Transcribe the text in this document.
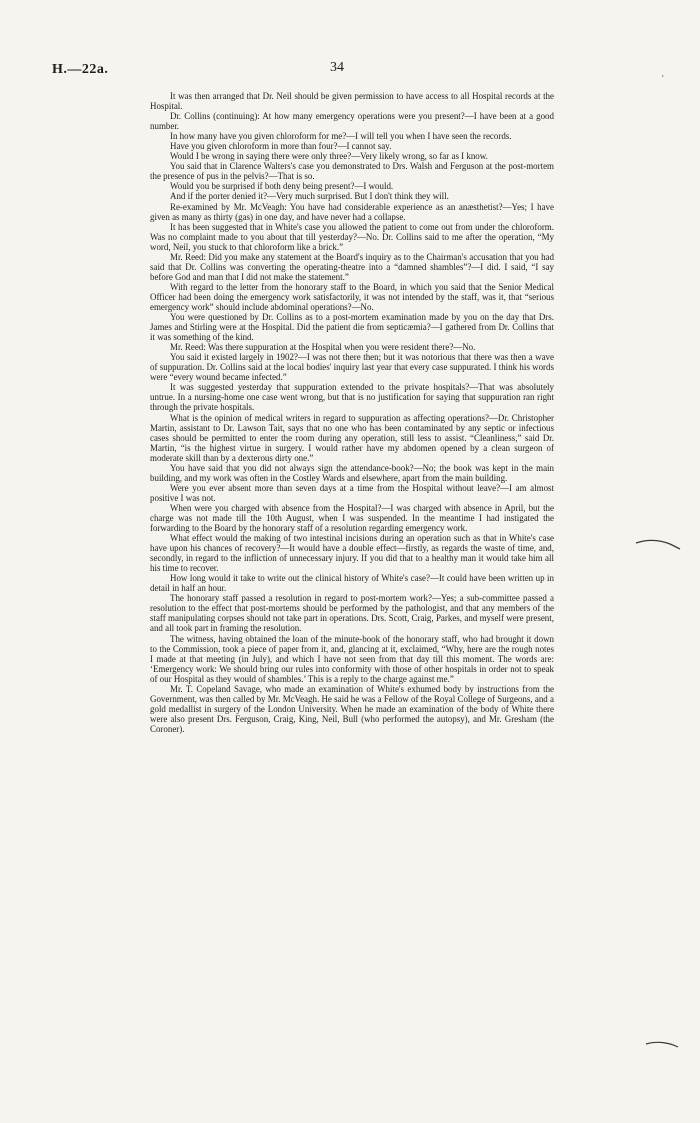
H.—22a.	34
ʹ

It was then arranged that Dr. Neil should be given permission to have access to all Hospital records at the Hospital.

Dr. Collins (continuing): At how many emergency operations were you present?—I have been at a good number.

In how many have you given chloroform for me?—I will tell you when I have seen the records.

Have you given chloroform in more than four?—I cannot say.

Would I be wrong in saying there were only three?—Very likely wrong, so far as I know.

You said that in Clarence Walters's case you demonstrated to Drs. Walsh and Ferguson at the post-mortem the presence of pus in the pelvis?—That is so.

Would you be surprised if both deny being present?—I would.

And if the porter denied it?—Very much surprised. But I don't think they will.

Re-examined by Mr. McVeagh: You have had considerable experience as an anæsthetist?—Yes; I have given as many as thirty (gas) in one day, and have never had a collapse.

It has been suggested that in White's case you allowed the patient to come out from under the chloroform. Was no complaint made to you about that till yesterday?—No. Dr. Collins said to me after the operation, “My word, Neil, you stuck to that chloroform like a brick.”

Mr. Reed: Did you make any statement at the Board's inquiry as to the Chairman's accusation that you had said that Dr. Collins was converting the operating-theatre into a “damned shambles”?—I did. I said, “I say before God and man that I did not make the statement.”

With regard to the letter from the honorary staff to the Board, in which you said that the Senior Medical Officer had been doing the emergency work satisfactorily, it was not intended by the staff, was it, that “serious emergency work” should include abdominal operations?—No.

You were questioned by Dr. Collins as to a post-mortem examination made by you on the day that Drs. James and Stirling were at the Hospital. Did the patient die from septicæmia?—I gathered from Dr. Collins that it was something of the kind.

Mr. Reed: Was there suppuration at the Hospital when you were resident there?—No.

You said it existed largely in 1902?—I was not there then; but it was notorious that there was then a wave of suppuration. Dr. Collins said at the local bodies' inquiry last year that every case suppurated. I think his words were “every wound became infected.”

It was suggested yesterday that suppuration extended to the private hospitals?—That was absolutely untrue. In a nursing-home one case went wrong, but that is no justification for saying that suppuration ran right through the private hospitals.

What is the opinion of medical writers in regard to suppuration as affecting operations?—Dr. Christopher Martin, assistant to Dr. Lawson Tait, says that no one who has been contaminated by any septic or infectious cases should be permitted to enter the room during any operation, still less to assist. “Cleanliness,” said Dr. Martin, “is the highest virtue in surgery. I would rather have my abdomen opened by a clean surgeon of moderate skill than by a dexterous dirty one.”

You have said that you did not always sign the attendance-book?—No; the book was kept in the main building, and my work was often in the Costley Wards and elsewhere, apart from the main building.

Were you ever absent more than seven days at a time from the Hospital without leave?—I am almost positive I was not.

When were you charged with absence from the Hospital?—I was charged with absence in April, but the charge was not made till the 10th August, when I was suspended. In the meantime I had instigated the forwarding to the Board by the honorary staff of a resolution regarding emergency work.

What effect would the making of two intestinal incisions during an operation such as that in White's case have upon his chances of recovery?—It would have a double effect—firstly, as regards the waste of time, and, secondly, in regard to the infliction of unnecessary injury. If you did that to a healthy man it would take him all his time to recover.

How long would it take to write out the clinical history of White's case?—It could have been written up in detail in half an hour.

The honorary staff passed a resolution in regard to post-mortem work?—Yes; a sub-committee passed a resolution to the effect that post-mortems should be performed by the pathologist, and that any members of the staff manipulating corpses should not take part in operations. Drs. Scott, Craig, Parkes, and myself were present, and all took part in framing the resolution.

The witness, having obtained the loan of the minute-book of the honorary staff, who had brought it down to the Commission, took a piece of paper from it, and, glancing at it, exclaimed, “Why, here are the rough notes I made at that meeting (in July), and which I have not seen from that day till this moment. The words are: ‘Emergency work: We should bring our rules into conformity with those of other hospitals in order not to speak of our Hospital as they would of shambles.’ This is a reply to the charge against me.”

Mr. T. Copeland Savage, who made an examination of White's exhumed body by instructions from the Government, was then called by Mr. McVeagh. He said he was a Fellow of the Royal College of Surgeons, and a gold medallist in surgery of the London University. When he made an examination of the body of White there were also present Drs. Ferguson, Craig, King, Neil, Bull (who performed the autopsy), and Mr. Gresham (the Coroner).
